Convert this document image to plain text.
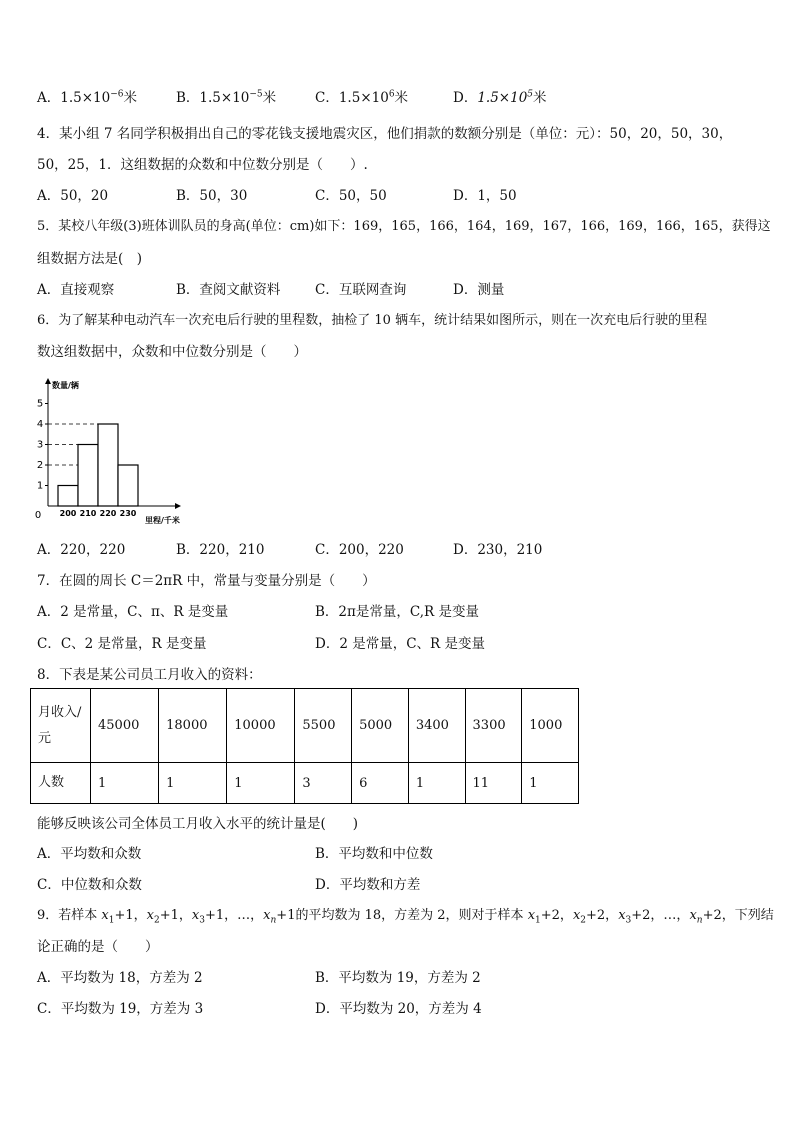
A．$1.5\times 10^{-6}$米	B．$1.5\times 10^{-5}$米	C．$1.5\times 10^6$米	D．$1.5\times 10^5$米
4．某小组 7 名同学积极捐出自己的零花钱支援地震灾区，他们捐款的数额分别是（单位：元）：50，20，50，30，
50，25，1．这组数据的众数和中位数分别是（　　）.
A．50，20	B．50，30	C．50，50	D．1，50
5．某校八年级(3)班体训队员的身高(单位：cm)如下：169，165，166，164，169，167，166，169，166，165，获得这
组数据方法是(　)
A．直接观察	B．查阅文献资料	C．互联网查询	D．测量
6．为了解某种电动汽车一次充电后行驶的里程数，抽检了 10 辆车，统计结果如图所示，则在一次充电后行驶的里程
数这组数据中，众数和中位数分别是（　　）
200 210 220 230
0
1
2
3
4
5
数量/辆
里程/千米
A．220，220	B．220，210	C．200，220	D．230，210
7．在圆的周长 C＝2πR 中，常量与变量分别是（　　）
A．2 是常量，C、π、R 是变量	B．2π是常量，C,R 是变量
C．C、2 是常量，R 是变量	D．2 是常量，C、R 是变量
8．下表是某公司员工月收入的资料：
月收入/
元	45000	18000	10000	5500	5000	3400	3300	1000
人数	1	1	1	3	6	1	11	1
能够反映该公司全体员工月收入水平的统计量是(　　)
A．平均数和众数	B．平均数和中位数
C．中位数和众数	D．平均数和方差
9．若样本 $x_1+1$，$x_2+1$，$x_3+1$，…，$x_n+1$的平均数为 18，方差为 2，则对于样本 $x_1+2$，$x_2+2$，$x_3+2$，…，$x_n+2$，下列结
论正确的是（　　）
A．平均数为 18，方差为 2	B．平均数为 19，方差为 2
C．平均数为 19，方差为 3	D．平均数为 20，方差为 4
